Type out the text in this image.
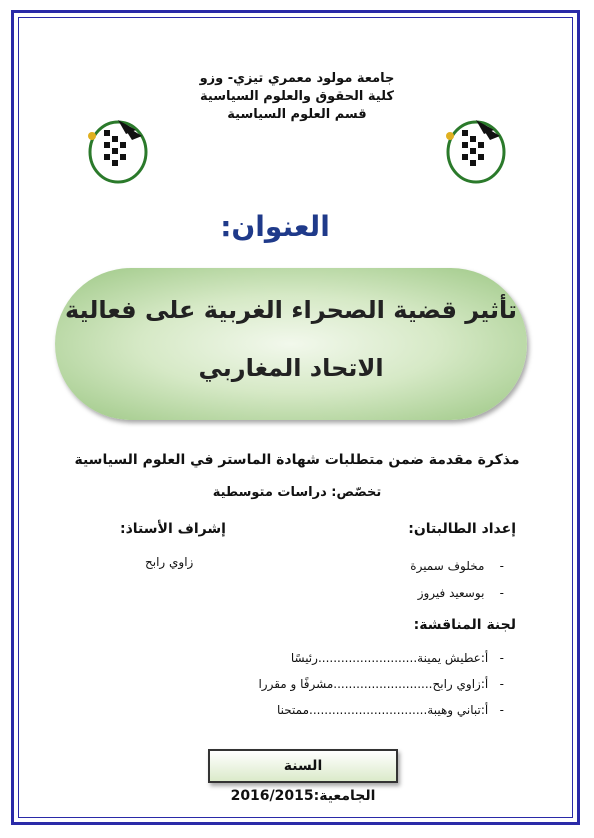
جامعة مولود معمري تيزي- وزو
كلية الحقوق والعلوم السياسية
قسم العلوم السياسية
العنوان:
تأثير قضية الصحراء الغربية على فعالية
الاتحاد المغاربي
مذكرة مقدمة ضمن متطلبات شهادة الماستر في العلوم السياسية
تخصّص: دراسات متوسطية
إعداد الطالبتان:
-    مخلوف سميرة
-    بوسعيد فيروز
إشراف الأستاذ:
زاوي رابح
لجنة المناقشة:
-   أ:عطيش يمينة..........................رئيسًا
-   أ:زاوي رابح..........................مشرفًا و مقررا
-   أ:تباني وهيبة...............................ممتحنا
السنة الجامعية:2016/2015
